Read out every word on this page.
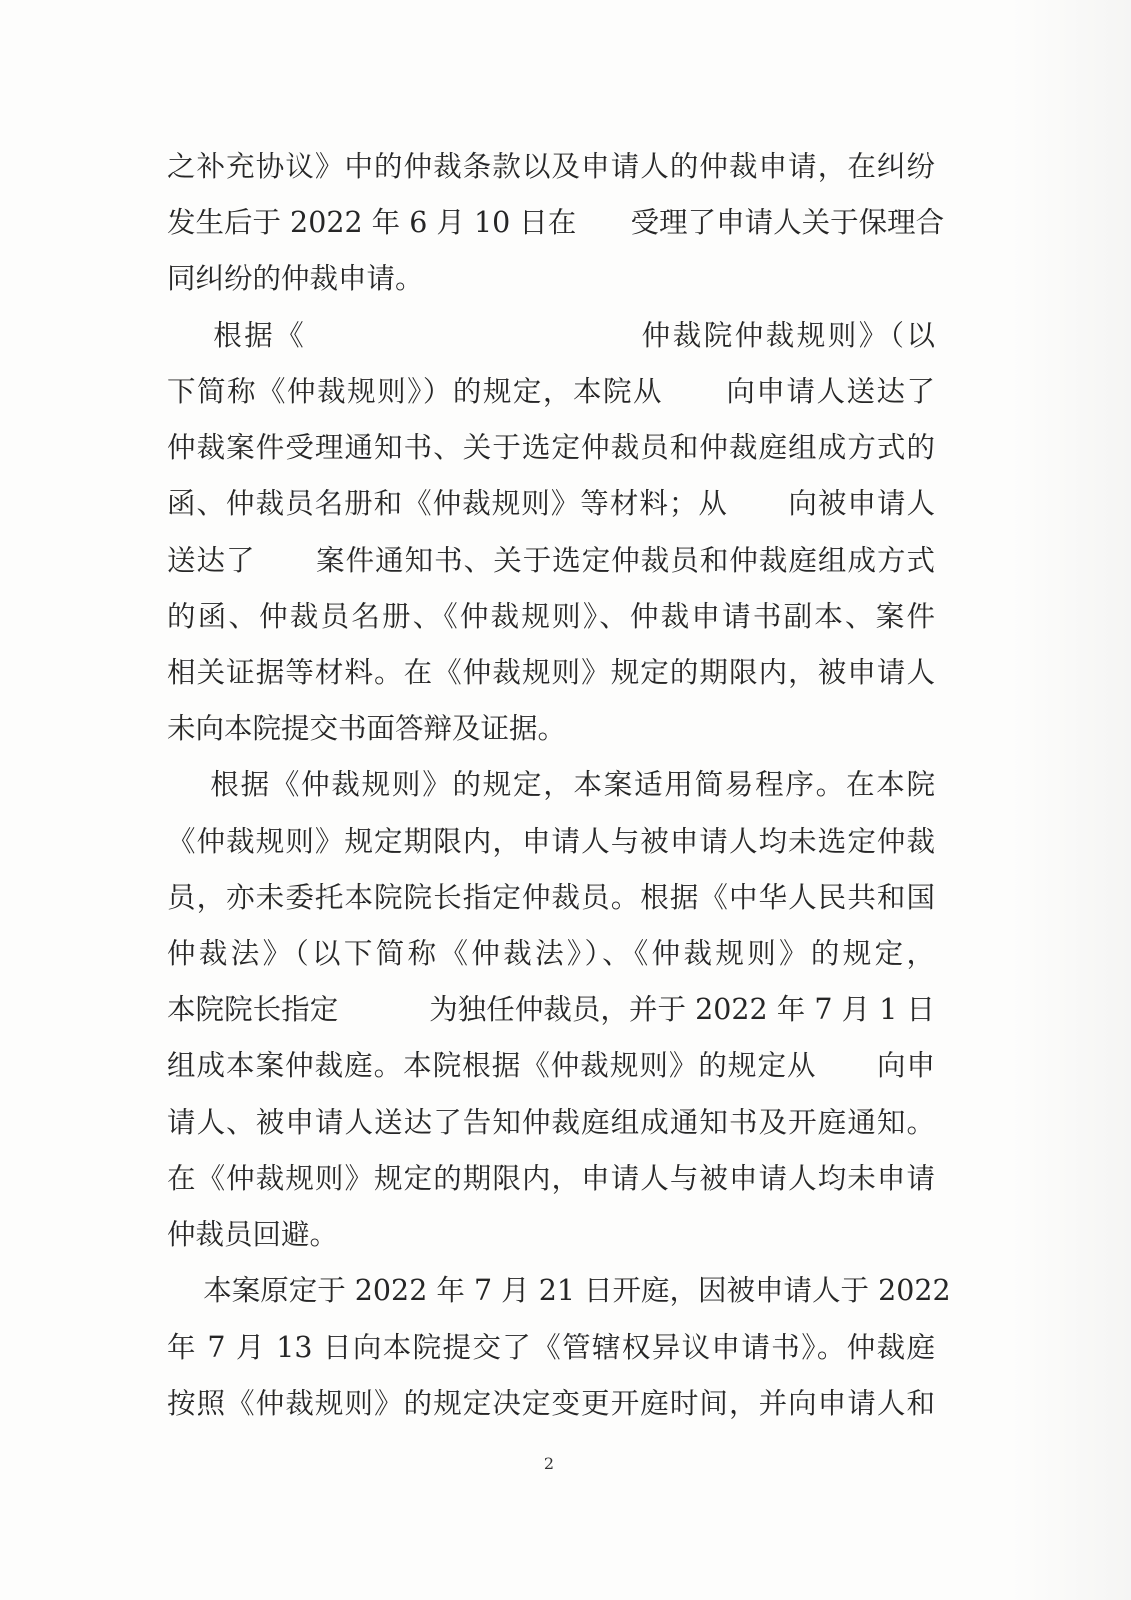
之补充协议》中的仲裁条款以及申请人的仲裁申请，在纠纷
发生后于 2022 年 6 月 10 日在      受理了申请人关于保理合
同纠纷的仲裁申请。
根据《                             仲裁院仲裁规则》（以
下简称《仲裁规则》）的规定，本院从      向申请人送达了
仲裁案件受理通知书、关于选定仲裁员和仲裁庭组成方式的
函、仲裁员名册和《仲裁规则》等材料；从      向被申请人
送达了      案件通知书、关于选定仲裁员和仲裁庭组成方式
的函、仲裁员名册、《仲裁规则》、仲裁申请书副本、案件
相关证据等材料。在《仲裁规则》规定的期限内，被申请人
未向本院提交书面答辩及证据。
根据《仲裁规则》的规定，本案适用简易程序。在本院
《仲裁规则》规定期限内，申请人与被申请人均未选定仲裁
员，亦未委托本院院长指定仲裁员。根据《中华人民共和国
仲裁法》（以下简称《仲裁法》）、《仲裁规则》的规定，
本院院长指定          为独任仲裁员，并于 2022 年 7 月 1 日
组成本案仲裁庭。本院根据《仲裁规则》的规定从      向申
请人、被申请人送达了告知仲裁庭组成通知书及开庭通知。
在《仲裁规则》规定的期限内，申请人与被申请人均未申请
仲裁员回避。
本案原定于 2022 年 7 月 21 日开庭，因被申请人于 2022
年 7 月 13 日向本院提交了《管辖权异议申请书》。仲裁庭
按照《仲裁规则》的规定决定变更开庭时间，并向申请人和
2
